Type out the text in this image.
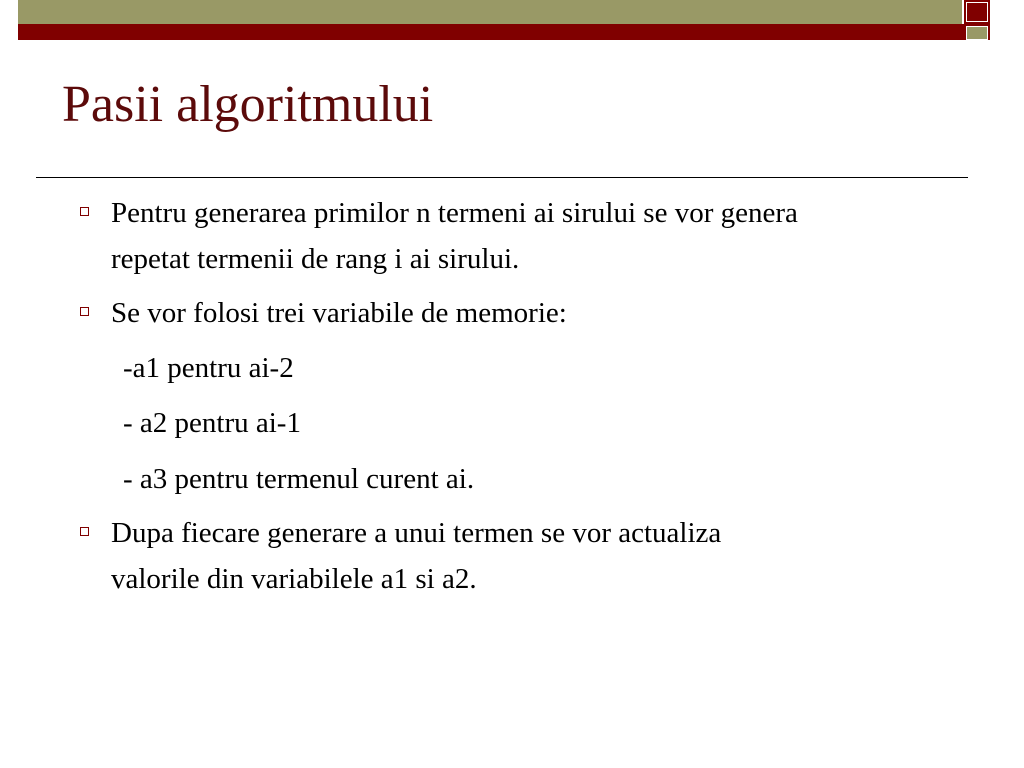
Pasii algoritmului
Pentru generarea primilor n termeni ai sirului se vor genera
repetat termenii de rang i ai sirului.
Se vor folosi trei variabile de memorie:
-a1 pentru ai-2
- a2 pentru ai-1
- a3 pentru termenul curent ai.
Dupa fiecare generare a unui termen se vor actualiza
valorile din variabilele a1 si a2.
